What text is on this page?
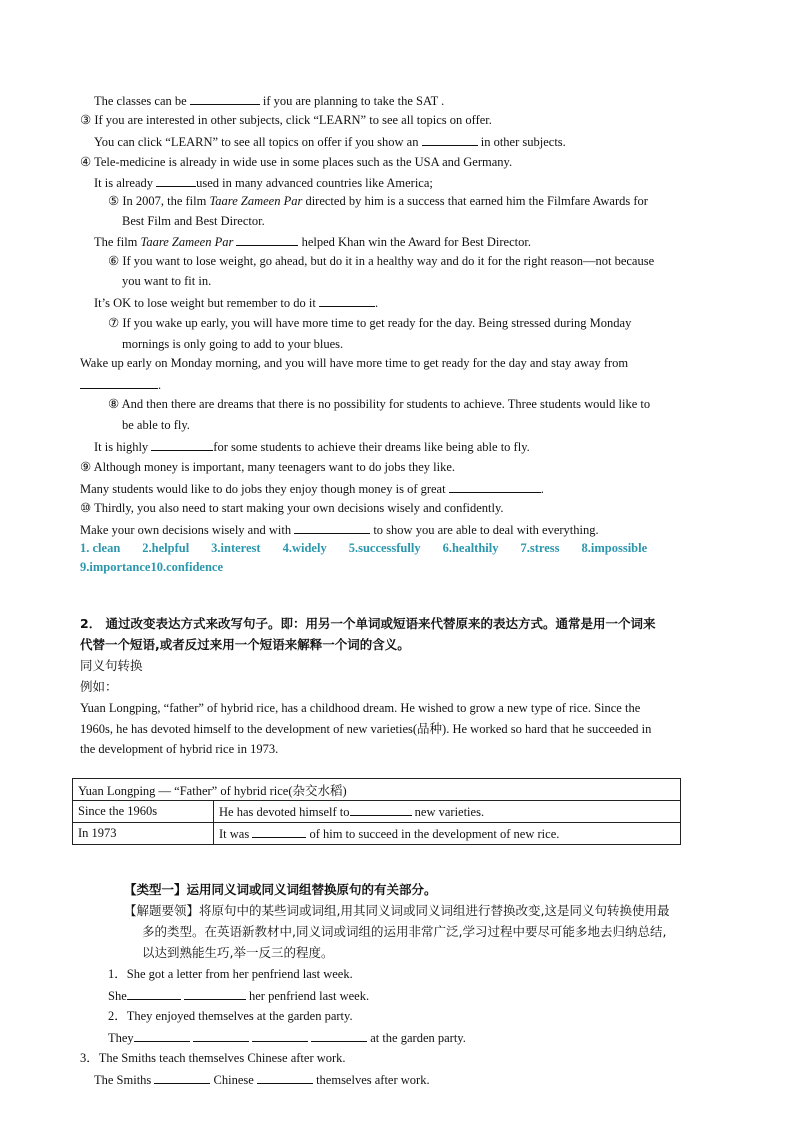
The classes can be	if you are planning to take the SAT .
③ If you are interested in other subjects, click “LEARN” to see all topics on offer.
You can click “LEARN” to see all topics on offer if you show an	in other subjects.
④ Tele-medicine is already in wide use in some places such as the USA and Germany.
It is already	used in many advanced countries like America;
⑤ In 2007, the film Taare Zameen Par directed by him is a success that earned him the Filmfare Awards for
Best Film and Best Director.
The film Taare Zameen Par	helped Khan win the Award for Best Director.
⑥ If you want to lose weight, go ahead, but do it in a healthy way and do it for the right reason—not because
you want to fit in.
It’s OK to lose weight but remember to do it	.
⑦ If you wake up early, you will have more time to get ready for the day. Being stressed during Monday
mornings is only going to add to your blues.
Wake up early on Monday morning, and you will have more time to get ready for the day and stay away from
.
⑧ And then there are dreams that there is no possibility for students to achieve. Three students would like to
be able to fly.
It is highly	for some students to achieve their dreams like being able to fly.
⑨ Although money is important, many teenagers want to do jobs they like.
Many students would like to do jobs they enjoy though money is of great	.
⑩ Thirdly, you also need to start making your own decisions wisely and confidently.
Make your own decisions wisely and with	to show you are able to deal with everything.
1. clean 2.helpful 3.interest 4.widely 5.successfully 6.healthily 7.stress 8.impossible
9.importance10.confidence
2． 通过改变表达方式来改写句子。即：用另一个单词或短语来代替原来的表达方式。通常是用一个词来
代替一个短语,或者反过来用一个短语来解释一个词的含义。
同义句转换
例如：
Yuan Longping, “father” of hybrid rice, has a childhood dream. He wished to grow a new type of rice. Since the
1960s, he has devoted himself to the development of new varieties(品种). He worked so hard that he succeeded in
the development of hybrid rice in 1973.
Yuan Longping — “Father” of hybrid rice(杂交水稻)	
Since the 1960s	He has devoted himself to new varieties.
In 1973	It was of him to succeed in the development of new rice.
【类型一】运用同义词或同义词组替换原句的有关部分。
【解题要领】将原句中的某些词或词组,用其同义词或同义词组进行替换改变,这是同义句转换使用最
多的类型。在英语新教材中,同义词或词组的运用非常广泛,学习过程中要尽可能多地去归纳总结,
以达到熟能生巧,举一反三的程度。
1．She got a letter from her penfriend last week.
She	her penfriend last week.
2．They enjoyed themselves at the garden party.
They	at the garden party.
3．The Smiths teach themselves Chinese after work.
The Smiths	Chinese	themselves after work.
